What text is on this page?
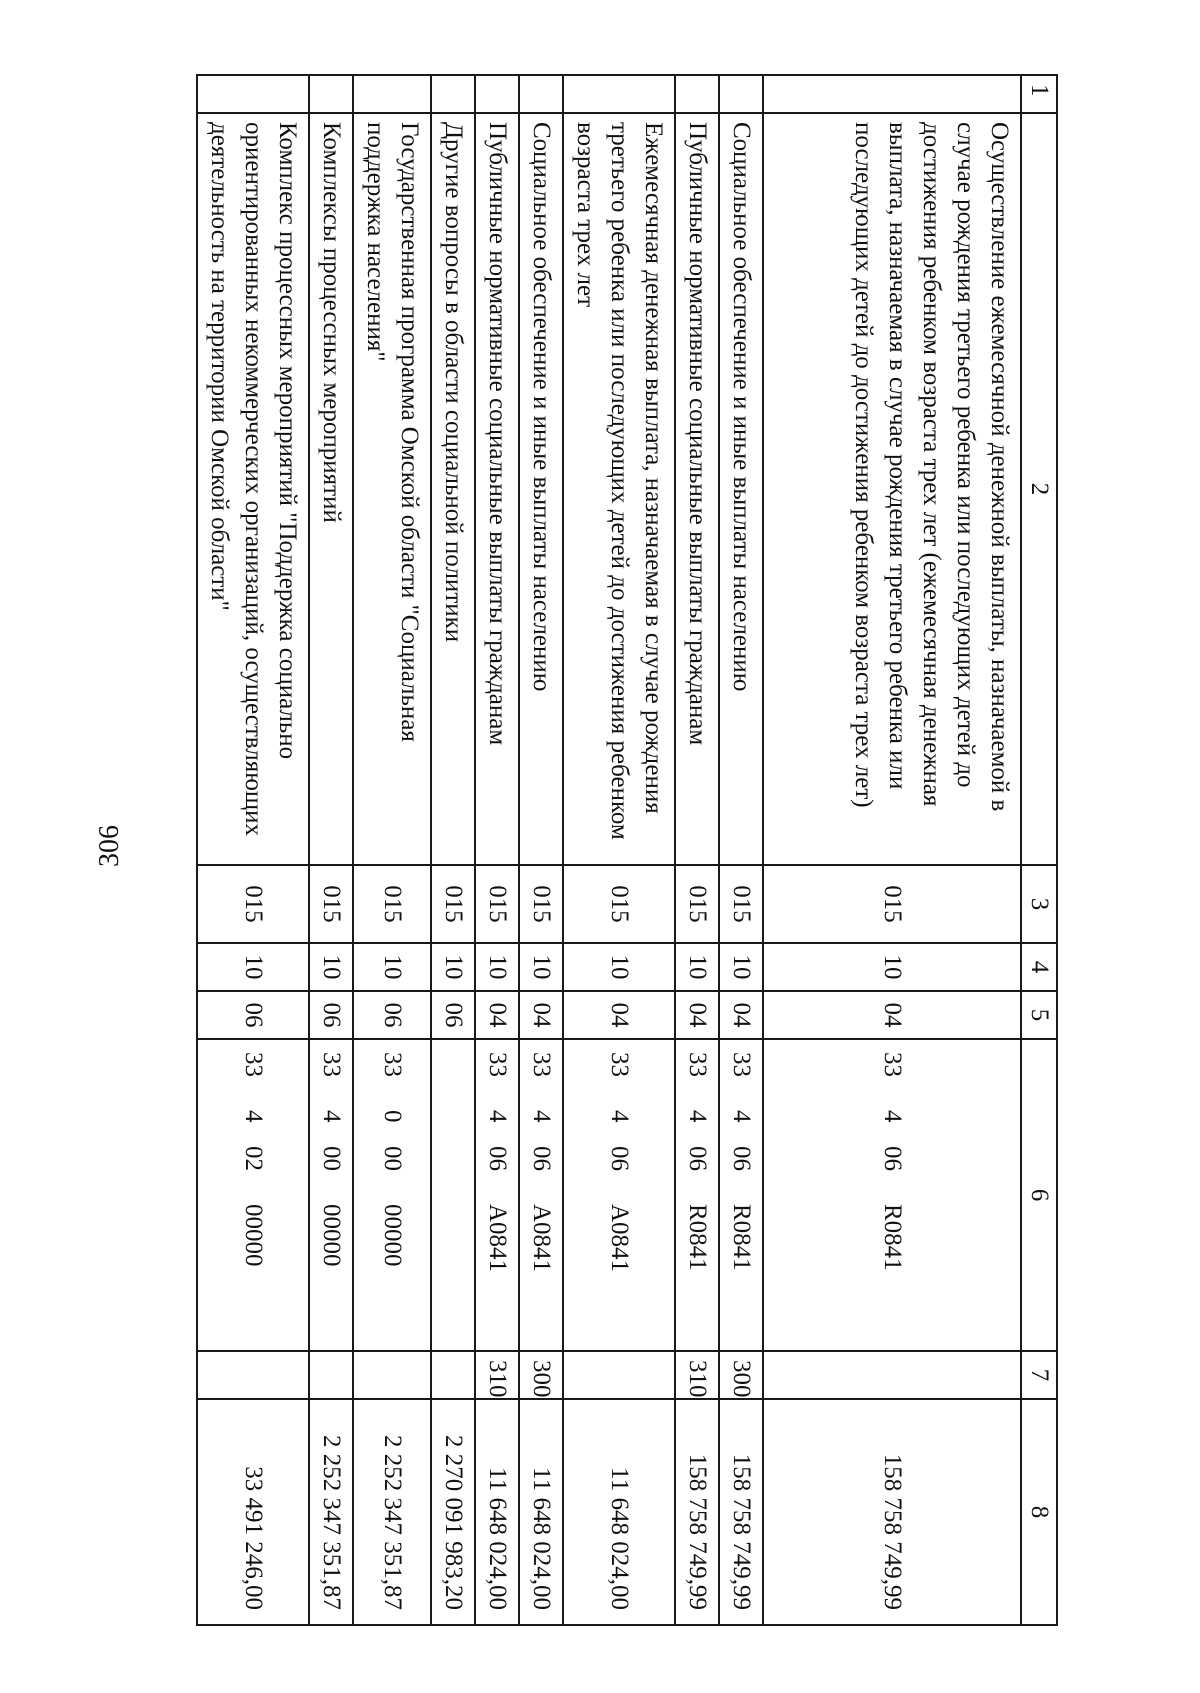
306
1	2	3	4	5	6	7	8
	Осуществление ежемесячной денежной выплаты, назначаемой в случае рождения третьего ребенка или последующих детей до достижения ребенком возраста трех лет (ежемесячная денежная выплата, назначаемая в случае рождения третьего ребенка или последующих детей до достижения ребенком возраста трех лет)	015	10	04	33406R0841		158 758 749,99
	Социальное обеспечение и иные выплаты населению	015	10	04	33406R0841	300	158 758 749,99
	Публичные нормативные социальные выплаты гражданам	015	10	04	33406R0841	310	158 758 749,99
	Ежемесячная денежная выплата, назначаемая в случае рождения третьего ребенка или последующих детей до достижения ребенком возраста трех лет	015	10	04	33406A0841		11 648 024,00
	Социальное обеспечение и иные выплаты населению	015	10	04	33406A0841	300	11 648 024,00
	Публичные нормативные социальные выплаты гражданам	015	10	04	33406A0841	310	11 648 024,00
	Другие вопросы в области социальной политики	015	10	06			2 270 091 983,20
	Государственная программа Омской области "Социальная поддержка населения"	015	10	06	3300000000		2 252 347 351,87
	Комплексы процессных мероприятий	015	10	06	3340000000		2 252 347 351,87
	Комплекс процессных мероприятий "Поддержка социально ориентированных некоммерческих организаций, осуществляющих деятельность на территории Омской области"	015	10	06	3340200000		33 491 246,00
